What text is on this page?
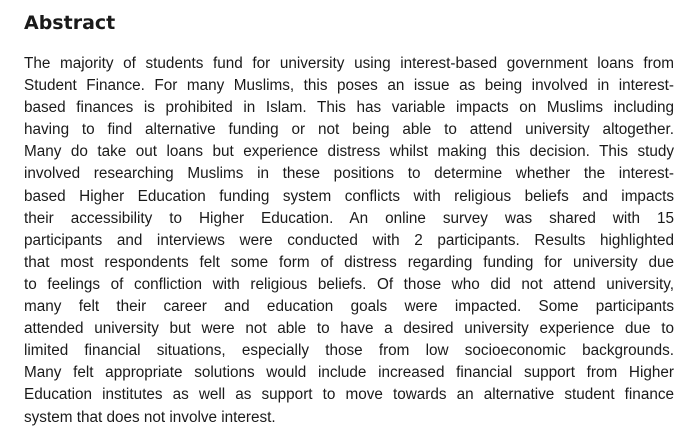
Abstract
The majority of students fund for university using interest-based government loans from
Student Finance. For many Muslims, this poses an issue as being involved in interest-
based finances is prohibited in Islam. This has variable impacts on Muslims including
having to find alternative funding or not being able to attend university altogether.
Many do take out loans but experience distress whilst making this decision. This study
involved researching Muslims in these positions to determine whether the interest-
based Higher Education funding system conflicts with religious beliefs and impacts
their accessibility to Higher Education. An online survey was shared with 15
participants and interviews were conducted with 2 participants. Results highlighted
that most respondents felt some form of distress regarding funding for university due
to feelings of confliction with religious beliefs. Of those who did not attend university,
many felt their career and education goals were impacted. Some participants
attended university but were not able to have a desired university experience due to
limited financial situations, especially those from low socioeconomic backgrounds.
Many felt appropriate solutions would include increased financial support from Higher
Education institutes as well as support to move towards an alternative student finance
system that does not involve interest.
